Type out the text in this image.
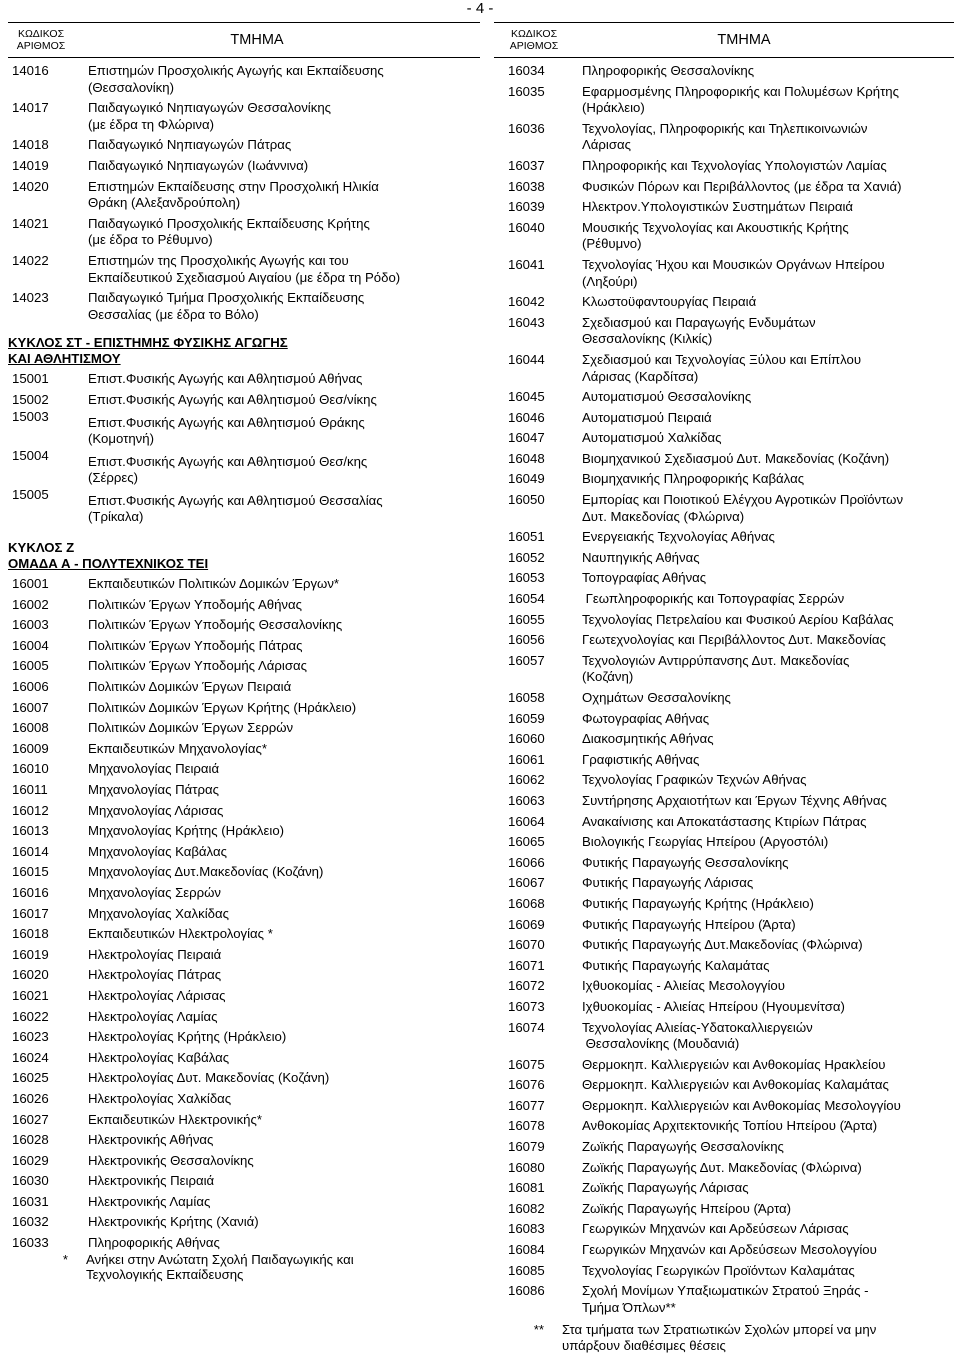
- 4 -
ΚΩΔΙΚΟΣ
ΑΡΙΘΜΟΣ	ΤΜΗΜΑ
14016	Επιστημών Προσχολικής Αγωγής και Εκπαίδευσης
(Θεσσαλονίκη)
14017	Παιδαγωγικό Νηπιαγωγών Θεσσαλονίκης
(με έδρα τη Φλώρινα)
14018	Παιδαγωγικό Νηπιαγωγών Πάτρας
14019	Παιδαγωγικό Νηπιαγωγών (Ιωάννινα)
14020	Επιστημών Εκπαίδευσης στην Προσχολική Ηλικία
Θράκη (Αλεξανδρούπολη)
14021	Παιδαγωγικό Προσχολικής Εκπαίδευσης Κρήτης
(με έδρα το Ρέθυμνο)
14022	Επιστημών της Προσχολικής Αγωγής και του
Εκπαίδευτικού Σχεδιασμού Αιγαίου (με έδρα τη Ρόδο)
14023	Παιδαγωγικό Τμήμα Προσχολικής Εκπαίδευσης
Θεσσαλίας (με έδρα το Βόλο)
ΚΥΚΛΟΣ ΣΤ - ΕΠΙΣΤΗΜΗΣ ΦΥΣΙΚΗΣ ΑΓΩΓΗΣ
ΚΑΙ ΑΘΛΗΤΙΣΜΟΥ
15001	Επιστ.Φυσικής Αγωγής και Αθλητισμού Αθήνας
15002	Επιστ.Φυσικής Αγωγής και Αθλητισμού Θεσ/νίκης
15003	Επιστ.Φυσικής Αγωγής και Αθλητισμού Θράκης
(Κομοτηνή)
15004	Επιστ.Φυσικής Αγωγής και Αθλητισμού Θεσ/κης
(Σέρρες)
15005	Επιστ.Φυσικής Αγωγής και Αθλητισμού Θεσσαλίας
(Τρίκαλα)
ΚΥΚΛΟΣ Ζ
ΟΜΑΔΑ Α - ΠΟΛΥΤΕΧΝΙΚΟΣ ΤΕΙ
16001	Εκπαιδευτικών Πολιτικών Δομικών Έργων*
16002	Πολιτικών Έργων Υποδομής Αθήνας
16003	Πολιτικών Έργων Υποδομής Θεσσαλονίκης
16004	Πολιτικών Έργων Υποδομής Πάτρας
16005	Πολιτικών Έργων Υποδομής Λάρισας
16006	Πολιτικών Δομικών Έργων Πειραιά
16007	Πολιτικών Δομικών Έργων Κρήτης (Ηράκλειο)
16008	Πολιτικών Δομικών Έργων Σερρών
16009	Εκπαιδευτικών Μηχανολογίας*
16010	Μηχανολογίας Πειραιά
16011	Μηχανολογίας Πάτρας
16012	Μηχανολογίας Λάρισας
16013	Μηχανολογίας Κρήτης (Ηράκλειο)
16014	Μηχανολογίας Καβάλας
16015	Μηχανολογίας Δυτ.Μακεδονίας (Κοζάνη)
16016	Μηχανολογίας Σερρών
16017	Μηχανολογίας Χαλκίδας
16018	Εκπαιδευτικών Ηλεκτρολογίας *
16019	Ηλεκτρολογίας Πειραιά
16020	Ηλεκτρολογίας Πάτρας
16021	Ηλεκτρολογίας Λάρισας
16022	Ηλεκτρολογίας Λαμίας
16023	Ηλεκτρολογίας Κρήτης (Ηράκλειο)
16024	Ηλεκτρολογίας Καβάλας
16025	Ηλεκτρολογίας Δυτ. Μακεδονίας (Κοζάνη)
16026	Ηλεκτρολογίας Χαλκίδας
16027	Εκπαιδευτικών Ηλεκτρονικής*
16028	Ηλεκτρονικής Αθήνας
16029	Ηλεκτρονικής Θεσσαλονίκης
16030	Ηλεκτρονικής Πειραιά
16031	Ηλεκτρονικής Λαμίας
16032	Ηλεκτρονικής Κρήτης (Χανιά)
16033	Πληροφορικής Αθήνας
*	Ανήκει στην Ανώτατη Σχολή Παιδαγωγικής και
Τεχνολογικής Εκπαίδευσης
ΚΩΔΙΚΟΣ
ΑΡΙΘΜΟΣ	ΤΜΗΜΑ
16034	Πληροφορικής Θεσσαλονίκης
16035	Εφαρμοσμένης Πληροφορικής και Πολυμέσων Κρήτης
(Ηράκλειο)
16036	Τεχνολογίας, Πληροφορικής και Τηλεπικοινωνιών
Λάρισας
16037	Πληροφορικής και Τεχνολογίας Υπολογιστών Λαμίας
16038	Φυσικών Πόρων και Περιβάλλοντος (με έδρα τα Χανιά)
16039	Ηλεκτρον.Υπολογιστικών Συστημάτων Πειραιά
16040	Μουσικής Τεχνολογίας και Ακουστικής Κρήτης
(Ρέθυμνο)
16041	Τεχνολογίας Ήχου και Μουσικών Οργάνων Ηπείρου
(Ληξούρι)
16042	Κλωστοϋφαντουργίας Πειραιά
16043	Σχεδιασμού και Παραγωγής Ενδυμάτων
Θεσσαλονίκης (Κιλκίς)
16044	Σχεδιασμού και Τεχνολογίας Ξύλου και Επίπλου
Λάρισας (Καρδίτσα)
16045	Αυτοματισμού Θεσσαλονίκης
16046	Αυτοματισμού Πειραιά
16047	Αυτοματισμού Χαλκίδας
16048	Βιομηχανικού Σχεδιασμού Δυτ. Μακεδονίας (Κοζάνη)
16049	Βιομηχανικής Πληροφορικής Καβάλας
16050	Εμπορίας και Ποιοτικού Ελέγχου Αγροτικών Προϊόντων
Δυτ. Μακεδονίας (Φλώρινα)
16051	Ενεργειακής Τεχνολογίας Αθήνας
16052	Ναυπηγικής Αθήνας
16053	Τοπογραφίας Αθήνας
16054	Γεωπληροφορικής και Τοπογραφίας Σερρών
16055	Τεχνολογίας Πετρελαίου και Φυσικού Αερίου Καβάλας
16056	Γεωτεχνολογίας και Περιβάλλοντος Δυτ. Μακεδονίας
16057	Τεχνολογιών Αντιρρύπανσης Δυτ. Μακεδονίας
(Κοζάνη)
16058	Οχημάτων Θεσσαλονίκης
16059	Φωτογραφίας Αθήνας
16060	Διακοσμητικής Αθήνας
16061	Γραφιστικής Αθήνας
16062	Τεχνολογίας Γραφικών Τεχνών Αθήνας
16063	Συντήρησης Αρχαιοτήτων και Έργων Τέχνης Αθήνας
16064	Ανακαίνισης και Αποκατάστασης Κτιρίων Πάτρας
16065	Βιολογικής Γεωργίας Ηπείρου (Αργοστόλι)
16066	Φυτικής Παραγωγής Θεσσαλονίκης
16067	Φυτικής Παραγωγής Λάρισας
16068	Φυτικής Παραγωγής Κρήτης (Ηράκλειο)
16069	Φυτικής Παραγωγής Ηπείρου (Άρτα)
16070	Φυτικής Παραγωγής Δυτ.Μακεδονίας (Φλώρινα)
16071	Φυτικής Παραγωγής Καλαμάτας
16072	Ιχθυοκομίας - Αλιείας Μεσολογγίου
16073	Ιχθυοκομίας - Αλιείας Ηπείρου (Ηγουμενίτσα)
16074	Τεχνολογίας Αλιείας-Υδατοκαλλιεργειών
Θεσσαλονίκης (Μουδανιά)
16075	Θερμοκηπ. Καλλιεργειών και Ανθοκομίας Ηρακλείου
16076	Θερμοκηπ. Καλλιεργειών και Ανθοκομίας Καλαμάτας
16077	Θερμοκηπ. Καλλιεργειών και Ανθοκομίας Μεσολογγίου
16078	Ανθοκομίας Αρχιτεκτονικής Τοπίου Ηπείρου (Άρτα)
16079	Ζωϊκής Παραγωγής Θεσσαλονίκης
16080	Ζωϊκής Παραγωγής Δυτ. Μακεδονίας (Φλώρινα)
16081	Ζωϊκής Παραγωγής Λάρισας
16082	Ζωϊκής Παραγωγής Ηπείρου (Άρτα)
16083	Γεωργικών Μηχανών και Αρδεύσεων Λάρισας
16084	Γεωργικών Μηχανών και Αρδεύσεων Μεσολογγίου
16085	Τεχνολογίας Γεωργικών Προϊόντων Καλαμάτας
16086	Σχολή Μονίμων Υπαξιωματικών Στρατού Ξηράς -
Τμήμα Όπλων**
**	Στα τμήματα των Στρατιωτικών Σχολών μπορεί να μην
υπάρξουν διαθέσιμες θέσεις
